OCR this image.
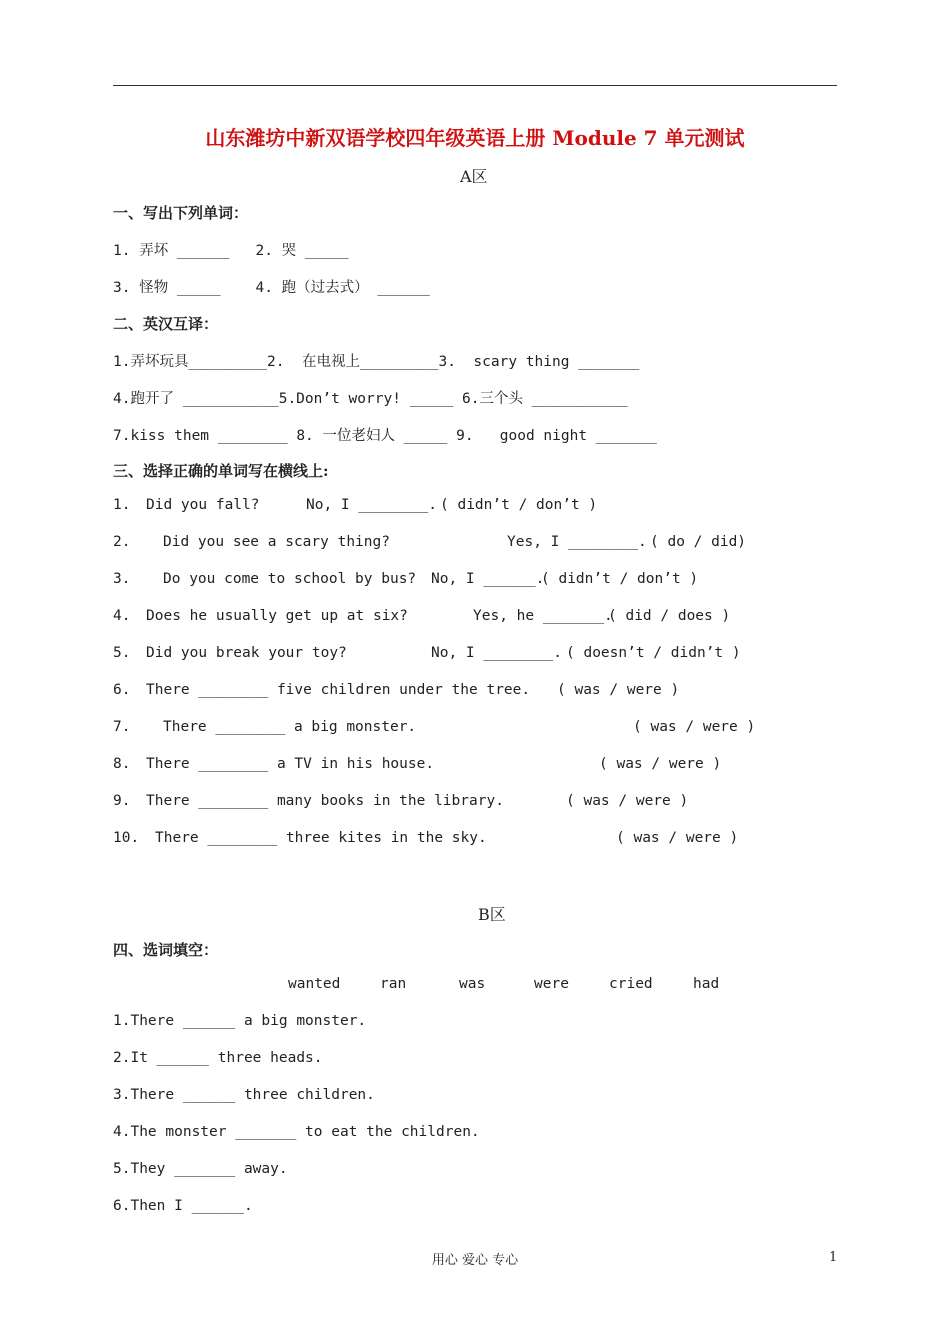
山东潍坊中新双语学校四年级英语上册 Module 7 单元测试
A区
一、写出下列单词：
1. 弄坏 ______   2. 哭 _____
3. 怪物 _____    4. 跑（过去式） ______
二、英汉互译：
1.弄坏玩具_________2.  在电视上_________3.  scary thing _______
4.跑开了 ___________5.Don’t worry! _____ 6.三个头 ___________
7.kiss them ________ 8. 一位老妇人 _____ 9.   good night _______
三、选择正确的单词写在横线上:
1. Did you fall?	No, I ________. ( didn’t / don’t )
2. Did you see a scary thing?	Yes, I ________. ( do / did)
3. Do you come to school by bus? No, I ______.
( didn’t / don’t )
4. Does he usually get up at six?	Yes, he _______.
( did / does )
5. Did you break your toy?	No, I ________. ( doesn’t / didn’t )
6. There ________ five children under the tree. ( was / were )
7. There ________ a big monster.	( was / were )
8. There ________ a TV in his house.	( was / were )
9. There ________ many books in the library.	( was / were )
10. There ________ three kites in the sky.	( was / were )
B区
四、选词填空：
wanted	ran	was	were	cried	had
1.There ______ a big monster.
2.It ______ three heads.
3.There ______ three children.
4.The monster _______ to eat the children.
5.They _______ away.
6.Then I ______.
用心 爱心 专心	1
